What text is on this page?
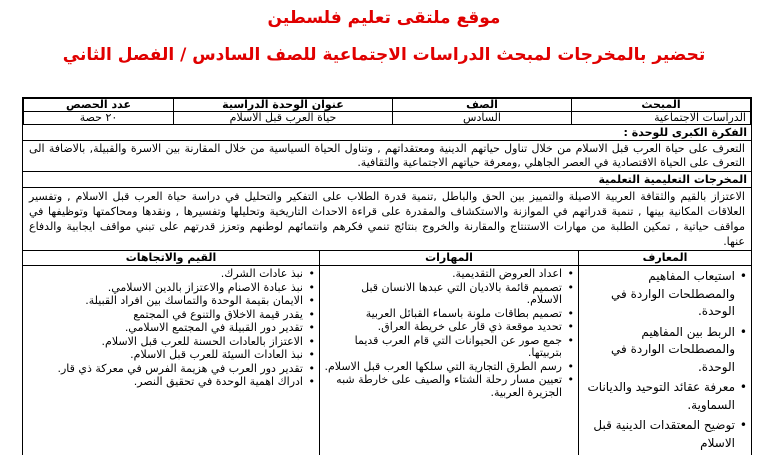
موقع ملتقى تعليم فلسطين
تحضير بالمخرجات لمبحث الدراسات الاجتماعية للصف السادس / الفصل الثاني
المبحث	الصف	عنوان الوحدة الدراسية	عدد الحصص
الدراسات الاجتماعية	السادس	حياة العرب قبل الاسلام	٢٠ حصة
الفكرة الكبرى للوحدة :
التعرف على حياة العرب قبل الاسلام من خلال تناول حياتهم الدينية ومعتقداتهم , وتناول الحياة السياسية من خلال المقارنة بين الاسرة والقبيلة, بالاضافة الى التعرف على الحياة الاقتصادية في العصر الجاهلي ,ومعرفة حياتهم الاجتماعية والثقافية.
المخرجات التعليمية التعلمية
الاعتزاز بالقيم والثقافة العربية الاصيلة والتمييز بين الحق والباطل ,تنمية قدرة الطلاب على التفكير والتحليل في دراسة حياة العرب قبل الاسلام , وتفسير العلاقات المكانية بينها , تنمية قدراتهم في الموازنة والاستكشاف والمقدرة على قراءة الاحداث التاريخية وتحليلها وتفسيرها , ونقدها ومحاكمتها وتوظيفها في مواقف حياتية , تمكين الطلبة من مهارات الاستنتاج والمقارنة والخروج بنتائج تنمي فكرهم وانتمائهم لوطنهم وتعزز قدرتهم على تبني مواقف ايجابية والدفاع عنها.
المعارف
• استيعاب المفاهيم والمصطلحات الواردة في الوحدة.
• الربط بين المفاهيم والمصطلحات الواردة في الوحدة.
• معرفة عقائد التوحيد والديانات السماوية.
• توضيح المعتقدات الدينية قبل الاسلام
المهارات
• اعداد العروض التقديمية.
• تصميم قائمة بالاديان التي عبدها الانسان قبل الاسلام.
• تصميم بطاقات ملونة باسماء القبائل العربية
• تحديد موقعة ذي قار على خريطة العراق.
• جمع صور عن الحيوانات التي قام العرب قديما بتربيتها.
• رسم الطرق التجارية التي سلكها العرب قبل الاسلام.
• تعيين مسار رحلة الشتاء والصيف على خارطة شبه الجزيرة العربية.
القيم والاتجاهات
• نبذ عادات الشرك.
• نبذ عبادة الاصنام والاعتزاز بالدين الاسلامي.
• الايمان بقيمة الوحدة والتماسك بين افراد القبيلة.
• يقدر قيمة الاخلاق والتنوع في المجتمع
• تقدير دور القبيلة في المجتمع الاسلامي.
• الاعتزاز بالعادات الحسنة للعرب قبل الاسلام.
• نبذ العادات السيئة للعرب قبل الاسلام.
• تقدير دور العرب في هزيمة الفرس في معركة ذي قار.
• ادراك اهمية الوحدة في تحقيق النصر.
